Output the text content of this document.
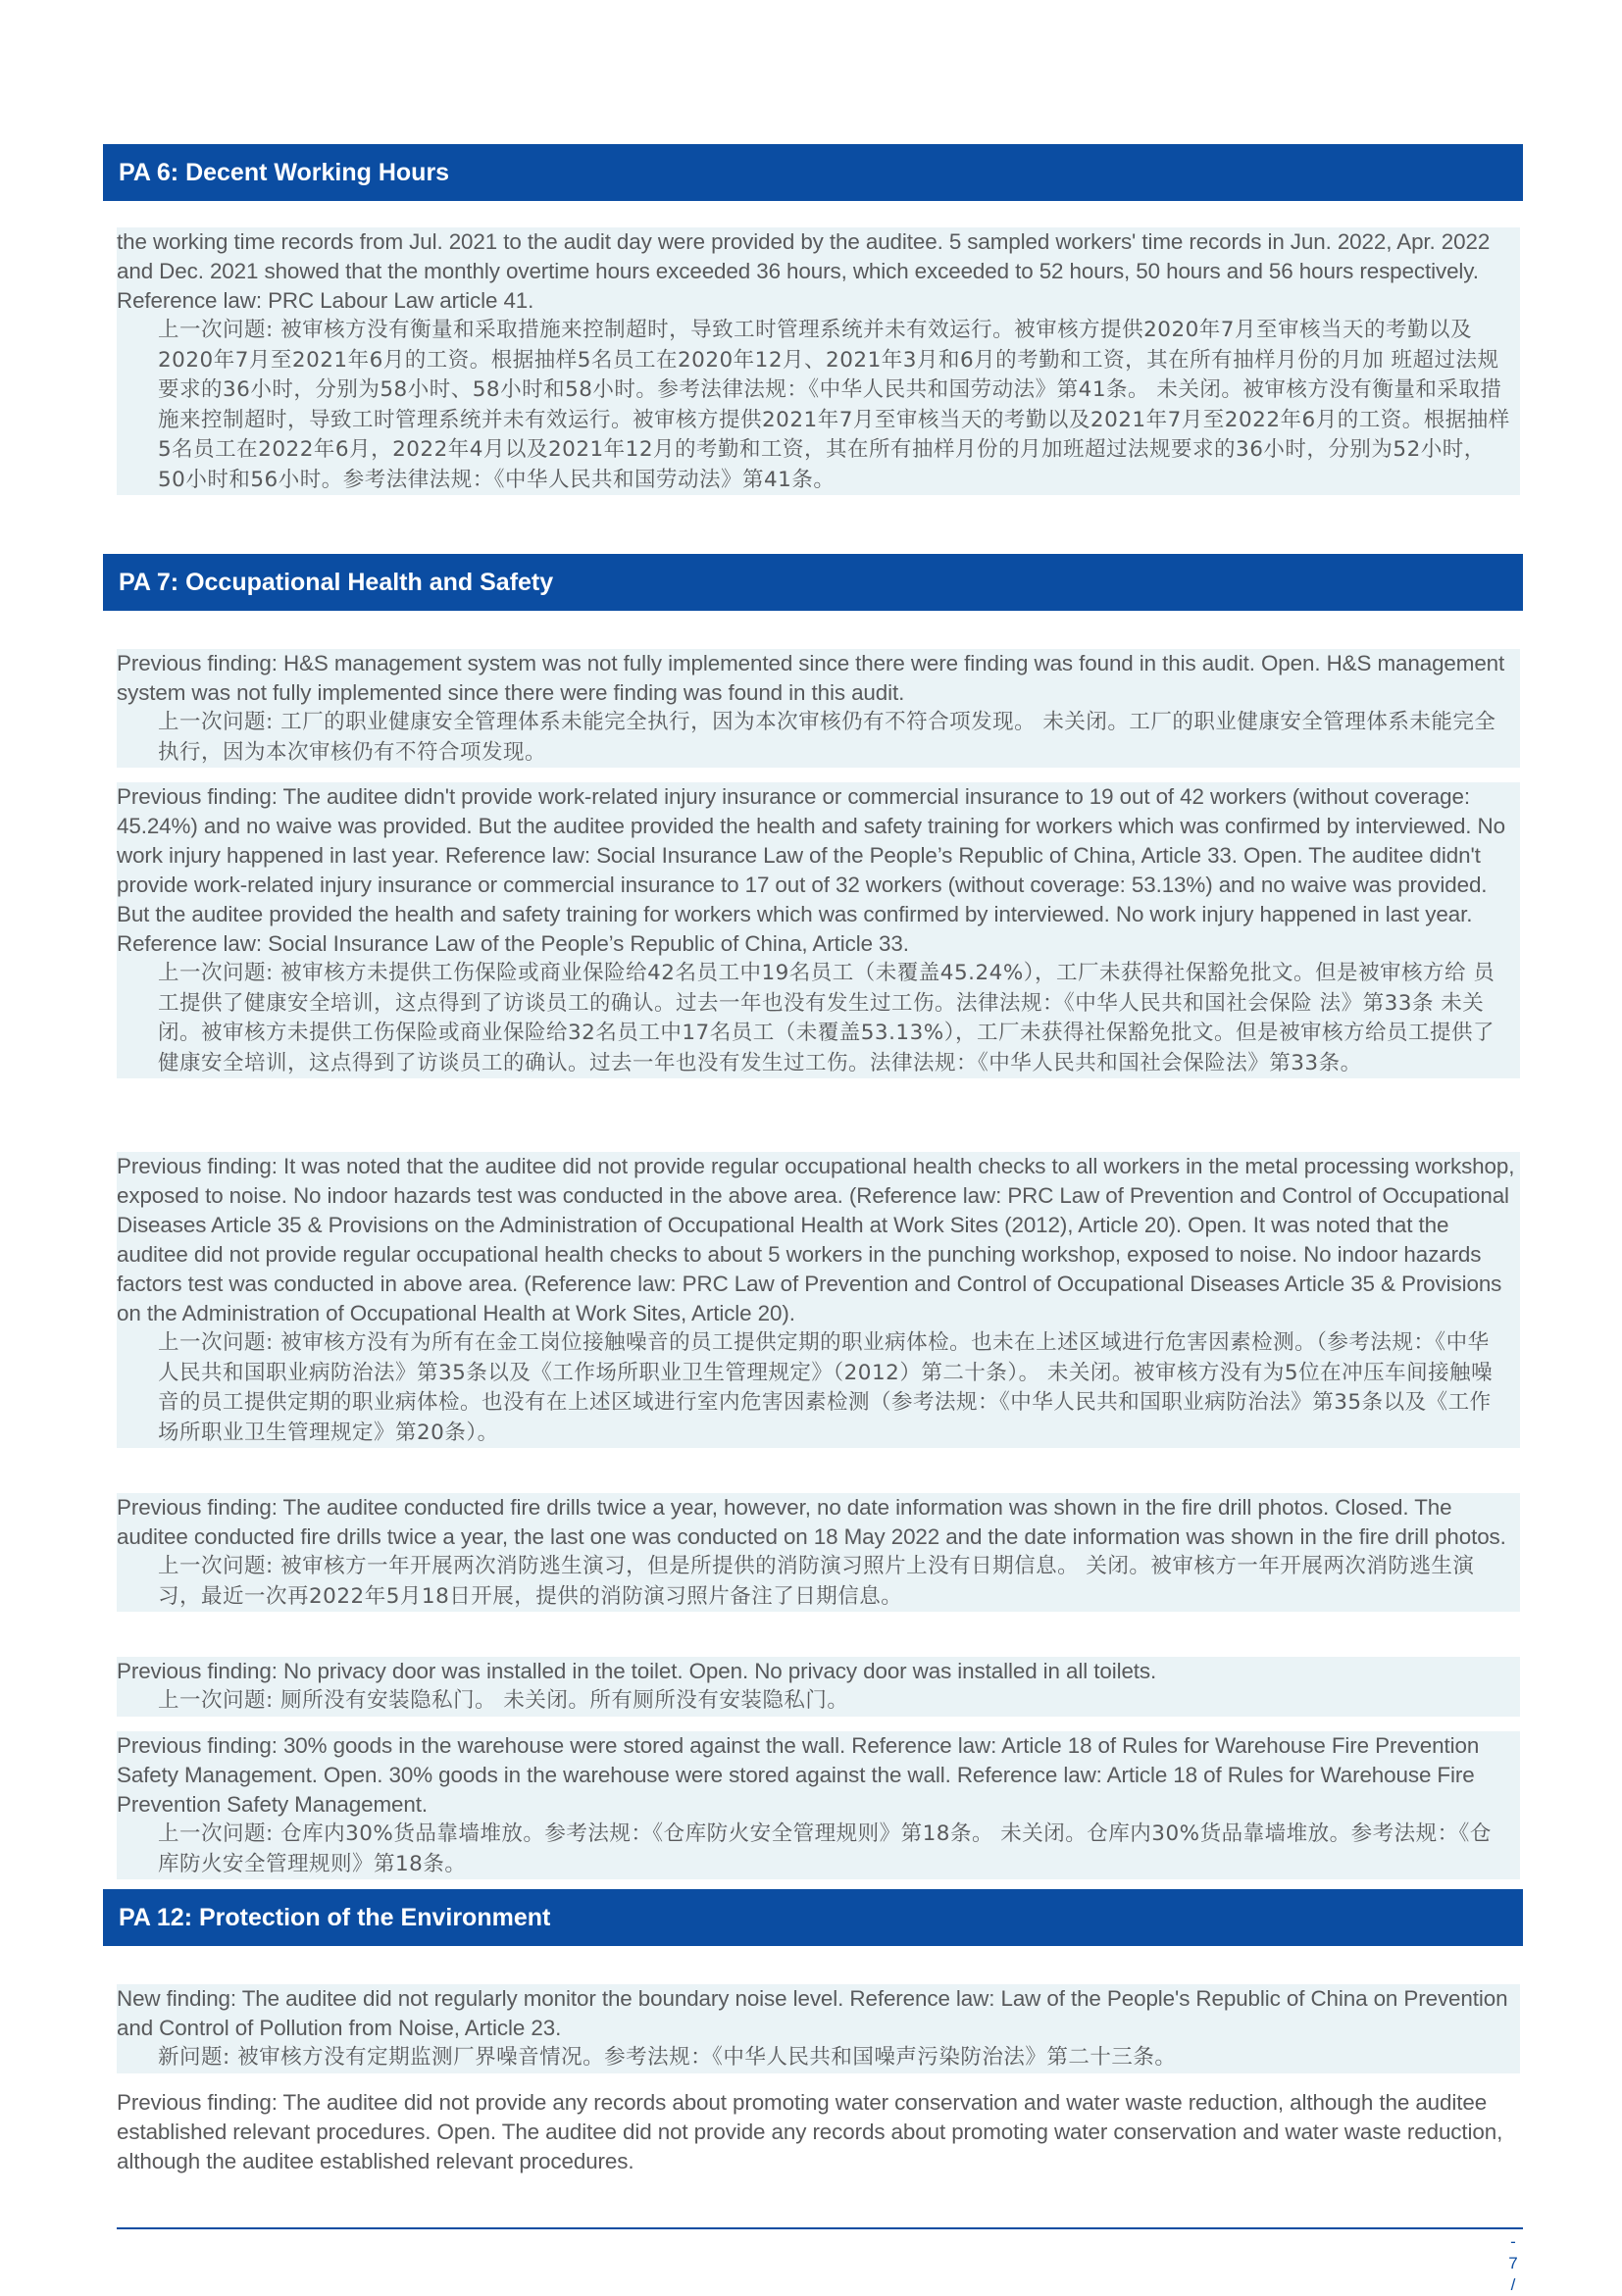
PA 6: Decent Working Hours
the working time records from Jul. 2021 to the audit day were provided by the auditee. 5 sampled workers' time records in Jun. 2022, Apr. 2022 and Dec. 2021 showed that the monthly overtime hours exceeded 36 hours, which exceeded to 52 hours, 50 hours and 56 hours respectively. Reference law: PRC Labour Law article 41.
上一次问题: 被审核方没有衡量和采取措施来控制超时，导致工时管理系统并未有效运行。被审核方提供2020年7月至审核当天的考勤以及 2020年7月至2021年6月的工资。根据抽样5名员工在2020年12月、2021年3月和6月的考勤和工资，其在所有抽样月份的月加 班超过法规要求的36小时，分别为58小时、58小时和58小时。参考法律法规：《中华人民共和国劳动法》第41条。 未关闭。被审核方没有衡量和采取措施来控制超时，导致工时管理系统并未有效运行。被审核方提供2021年7月至审核当天的考勤以及2021年7月至2022年6月的工资。根据抽样5名员工在2022年6月，2022年4月以及2021年12月的考勤和工资，其在所有抽样月份的月加班超过法规要求的36小时，分别为52小时，50小时和56小时。参考法律法规：《中华人民共和国劳动法》第41条。
PA 7: Occupational Health and Safety
Previous finding: H&S management system was not fully implemented since there were finding was found in this audit. Open. H&S management system was not fully implemented since there were finding was found in this audit.
上一次问题: 工厂的职业健康安全管理体系未能完全执行，因为本次审核仍有不符合项发现。 未关闭。工厂的职业健康安全管理体系未能完全执行，因为本次审核仍有不符合项发现。
Previous finding: The auditee didn't provide work-related injury insurance or commercial insurance to 19 out of 42 workers (without coverage: 45.24%) and no waive was provided. But the auditee provided the health and safety training for workers which was confirmed by interviewed. No work injury happened in last year. Reference law: Social Insurance Law of the People’s Republic of China, Article 33. Open. The auditee didn't provide work-related injury insurance or commercial insurance to 17 out of 32 workers (without coverage: 53.13%) and no waive was provided. But the auditee provided the health and safety training for workers which was confirmed by interviewed. No work injury happened in last year. Reference law: Social Insurance Law of the People’s Republic of China, Article 33.
上一次问题: 被审核方未提供工伤保险或商业保险给42名员工中19名员工（未覆盖45.24%），工厂未获得社保豁免批文。但是被审核方给 员工提供了健康安全培训，这点得到了访谈员工的确认。过去一年也没有发生过工伤。法律法规：《中华人民共和国社会保险 法》第33条 未关闭。被审核方未提供工伤保险或商业保险给32名员工中17名员工（未覆盖53.13%），工厂未获得社保豁免批文。但是被审核方给员工提供了健康安全培训，这点得到了访谈员工的确认。过去一年也没有发生过工伤。法律法规：《中华人民共和国社会保险法》第33条。
Previous finding: It was noted that the auditee did not provide regular occupational health checks to all workers in the metal processing workshop, exposed to noise. No indoor hazards test was conducted in the above area. (Reference law: PRC Law of Prevention and Control of Occupational Diseases Article 35 & Provisions on the Administration of Occupational Health at Work Sites (2012), Article 20). Open. It was noted that the auditee did not provide regular occupational health checks to about 5 workers in the punching workshop, exposed to noise. No indoor hazards factors test was conducted in above area. (Reference law: PRC Law of Prevention and Control of Occupational Diseases Article 35 & Provisions on the Administration of Occupational Health at Work Sites, Article 20).
上一次问题: 被审核方没有为所有在金工岗位接触噪音的员工提供定期的职业病体检。也未在上述区域进行危害因素检测。（参考法规：《中华人民共和国职业病防治法》第35条以及《工作场所职业卫生管理规定》（2012）第二十条）。 未关闭。被审核方没有为5位在冲压车间接触噪音的员工提供定期的职业病体检。也没有在上述区域进行室内危害因素检测（参考法规：《中华人民共和国职业病防治法》第35条以及《工作场所职业卫生管理规定》第20条）。
Previous finding: The auditee conducted fire drills twice a year, however, no date information was shown in the fire drill photos. Closed. The auditee conducted fire drills twice a year, the last one was conducted on 18 May 2022 and the date information was shown in the fire drill photos.
上一次问题: 被审核方一年开展两次消防逃生演习，但是所提供的消防演习照片上没有日期信息。 关闭。被审核方一年开展两次消防逃生演习，最近一次再2022年5月18日开展，提供的消防演习照片备注了日期信息。
Previous finding: No privacy door was installed in the toilet. Open. No privacy door was installed in all toilets.
上一次问题: 厕所没有安装隐私门。 未关闭。所有厕所没有安装隐私门。
Previous finding: 30% goods in the warehouse were stored against the wall. Reference law: Article 18 of Rules for Warehouse Fire Prevention Safety Management. Open. 30% goods in the warehouse were stored against the wall. Reference law: Article 18 of Rules for Warehouse Fire Prevention Safety Management.
上一次问题: 仓库内30%货品靠墙堆放。参考法规：《仓库防火安全管理规则》第18条。 未关闭。仓库内30%货品靠墙堆放。参考法规：《仓库防火安全管理规则》第18条。
PA 12: Protection of the Environment
New finding: The auditee did not regularly monitor the boundary noise level. Reference law: Law of the People's Republic of China on Prevention and Control of Pollution from Noise, Article 23.
新问题: 被审核方没有定期监测厂界噪音情况。参考法规：《中华人民共和国噪声污染防治法》第二十三条。
Previous finding: The auditee did not provide any records about promoting water conservation and water waste reduction, although the auditee established relevant procedures. Open. The auditee did not provide any records about promoting water conservation and water waste reduction, although the auditee established relevant procedures.
- 7 /
